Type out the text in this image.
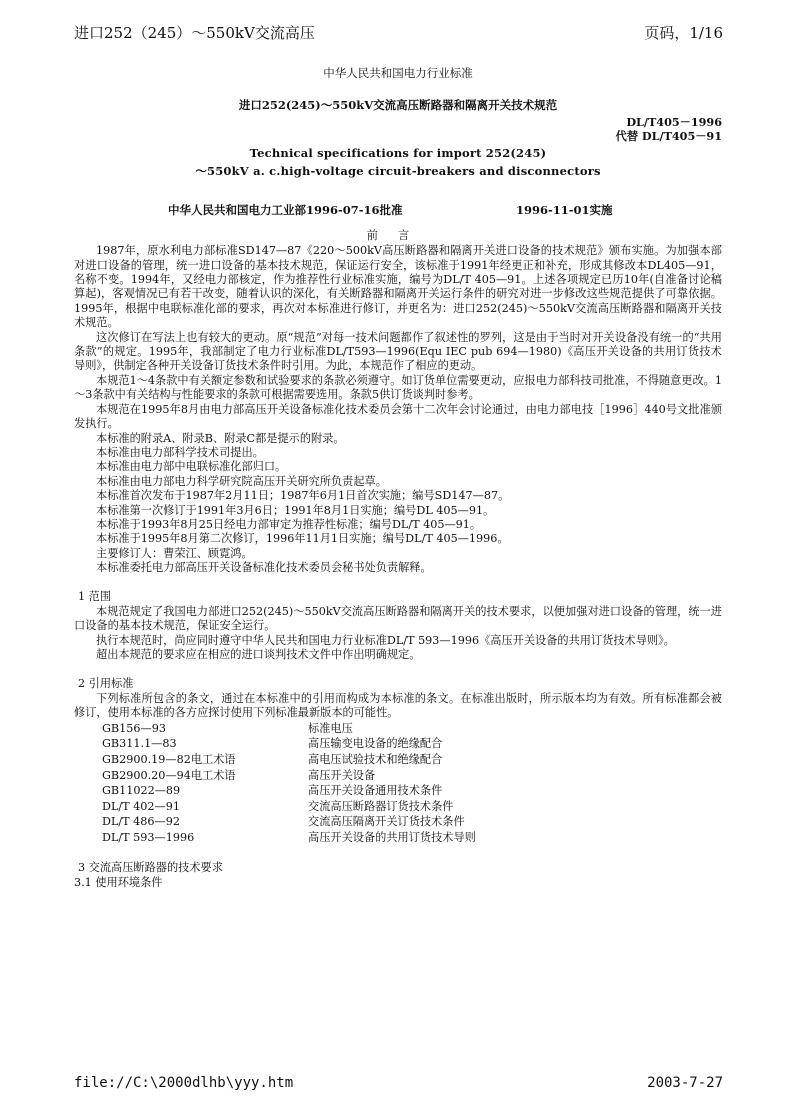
进口252（245）～550kV交流高压	页码，1/16
中华人民共和国电力行业标准
进口252(245)～550kV交流高压断路器和隔离开关技术规范
DL/T405－1996
代替 DL/T405－91
Technical specifications for import 252(245)
～550kV a. c.high-voltage circuit-breakers and disconnectors
中华人民共和国电力工业部1996-07-16批准	1996-11-01实施
前言

1987年，原水利电力部标准SD147—87《220～500kV高压断路器和隔离开关进口设备的技术规范》颁布实施。为加强本部对进口设备的管理，统一进口设备的基本技术规范，保证运行安全，该标准于1991年经更正和补充，形成其修改本DL405—91，名称不变。1994年，又经电力部核定，作为推荐性行业标准实施，编号为DL/T 405—91。上述各项规定已历10年(自准备讨论稿算起)，客观情况已有若干改变，随着认识的深化，有关断路器和隔离开关运行条件的研究对进一步修改这些规范提供了可靠依据。1995年，根据中电联标准化部的要求，再次对本标准进行修订，并更名为：进口252(245)～550kV交流高压断路器和隔离开关技术规范。

这次修订在写法上也有较大的更动。原“规范”对每一技术问题都作了叙述性的罗列，这是由于当时对开关设备没有统一的“共用条款”的规定。1995年，我部制定了电力行业标准DL/T593—1996(Equ IEC pub 694—1980)《高压开关设备的共用订货技术导则》，供制定各种开关设备订货技术条件时引用。为此，本规范作了相应的更动。

本规范1～4条款中有关额定参数和试验要求的条款必须遵守。如订货单位需要更动，应报电力部科技司批准，不得随意更改。1～3条款中有关结构与性能要求的条款可根据需要选用。条款5供订货谈判时参考。

本规范在1995年8月由电力部高压开关设备标准化技术委员会第十二次年会讨论通过，由电力部电技［1996］440号文批准颁发执行。

本标准的附录A、附录B、附录C都是提示的附录。

本标准由电力部科学技术司提出。

本标准由电力部中电联标准化部归口。

本标准由电力部电力科学研究院高压开关研究所负责起草。

本标准首次发布于1987年2月11日；1987年6月1日首次实施；编号SD147—87。

本标准第一次修订于1991年3月6日；1991年8月1日实施；编号DL 405—91。

本标准于1993年8月25日经电力部审定为推荐性标准；编号DL/T 405—91。

本标准于1995年8月第二次修订，1996年11月1日实施；编号DL/T 405—1996。

主要修订人：曹荣江、顾霓鸿。

本标准委托电力部高压开关设备标准化技术委员会秘书处负责解释。

1 范围

本规范规定了我国电力部进口252(245)～550kV交流高压断路器和隔离开关的技术要求，以便加强对进口设备的管理，统一进口设备的基本技术规范，保证安全运行。

执行本规范时，尚应同时遵守中华人民共和国电力行业标准DL/T 593—1996《高压开关设备的共用订货技术导则》。

超出本规范的要求应在相应的进口谈判技术文件中作出明确规定。

2 引用标准

下列标准所包含的条文，通过在本标准中的引用而构成为本标准的条文。在标准出版时，所示版本均为有效。所有标准都会被修订，使用本标准的各方应探讨使用下列标准最新版本的可能性。

GB156—93	标准电压
GB311.1—83	高压输变电设备的绝缘配合
GB2900.19—82电工术语	高电压试验技术和绝缘配合
GB2900.20—94电工术语	高压开关设备
GB11022—89	高压开关设备通用技术条件
DL/T 402—91	交流高压断路器订货技术条件
DL/T 486—92	交流高压隔离开关订货技术条件
DL/T 593—1996	高压开关设备的共用订货技术导则
3 交流高压断路器的技术要求
3.1 使用环境条件
file://C:\2000dlhb\yyy.htm	2003-7-27
